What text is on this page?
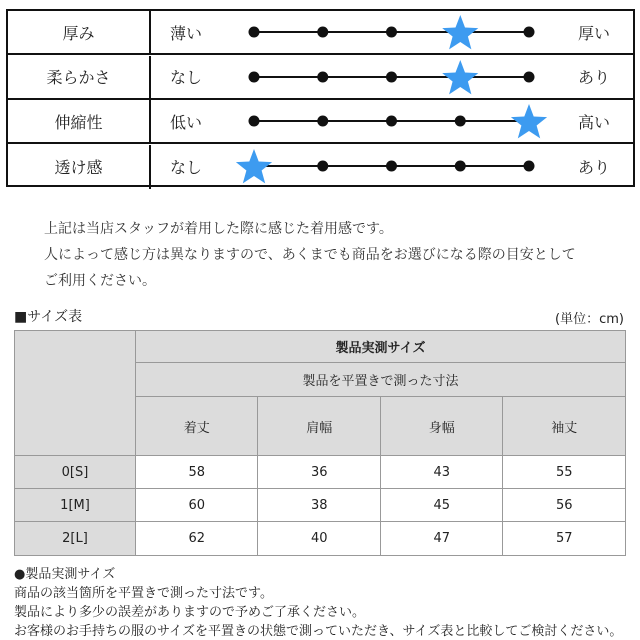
厚み	薄い	厚い
柔らかさ	なし	あり
伸縮性	低い	高い
透け感	なし	あり
上記は当店スタッフが着用した際に感じた着用感です。
人によって感じ方は異なりますので、あくまでも商品をお選びになる際の目安として
ご利用ください。
■サイズ表	(単位：cm)
	製品実測サイズ			
	製品を平置きで測った寸法			
	着丈	肩幅	身幅	袖丈
0[S]	58	36	43	55
1[M]	60	38	45	56
2[L]	62	40	47	57
●製品実測サイズ
商品の該当箇所を平置きで測った寸法です。
製品により多少の誤差がありますので予めご了承ください。
お客様のお手持ちの服のサイズを平置きの状態で測っていただき、サイズ表と比較してご検討ください。
